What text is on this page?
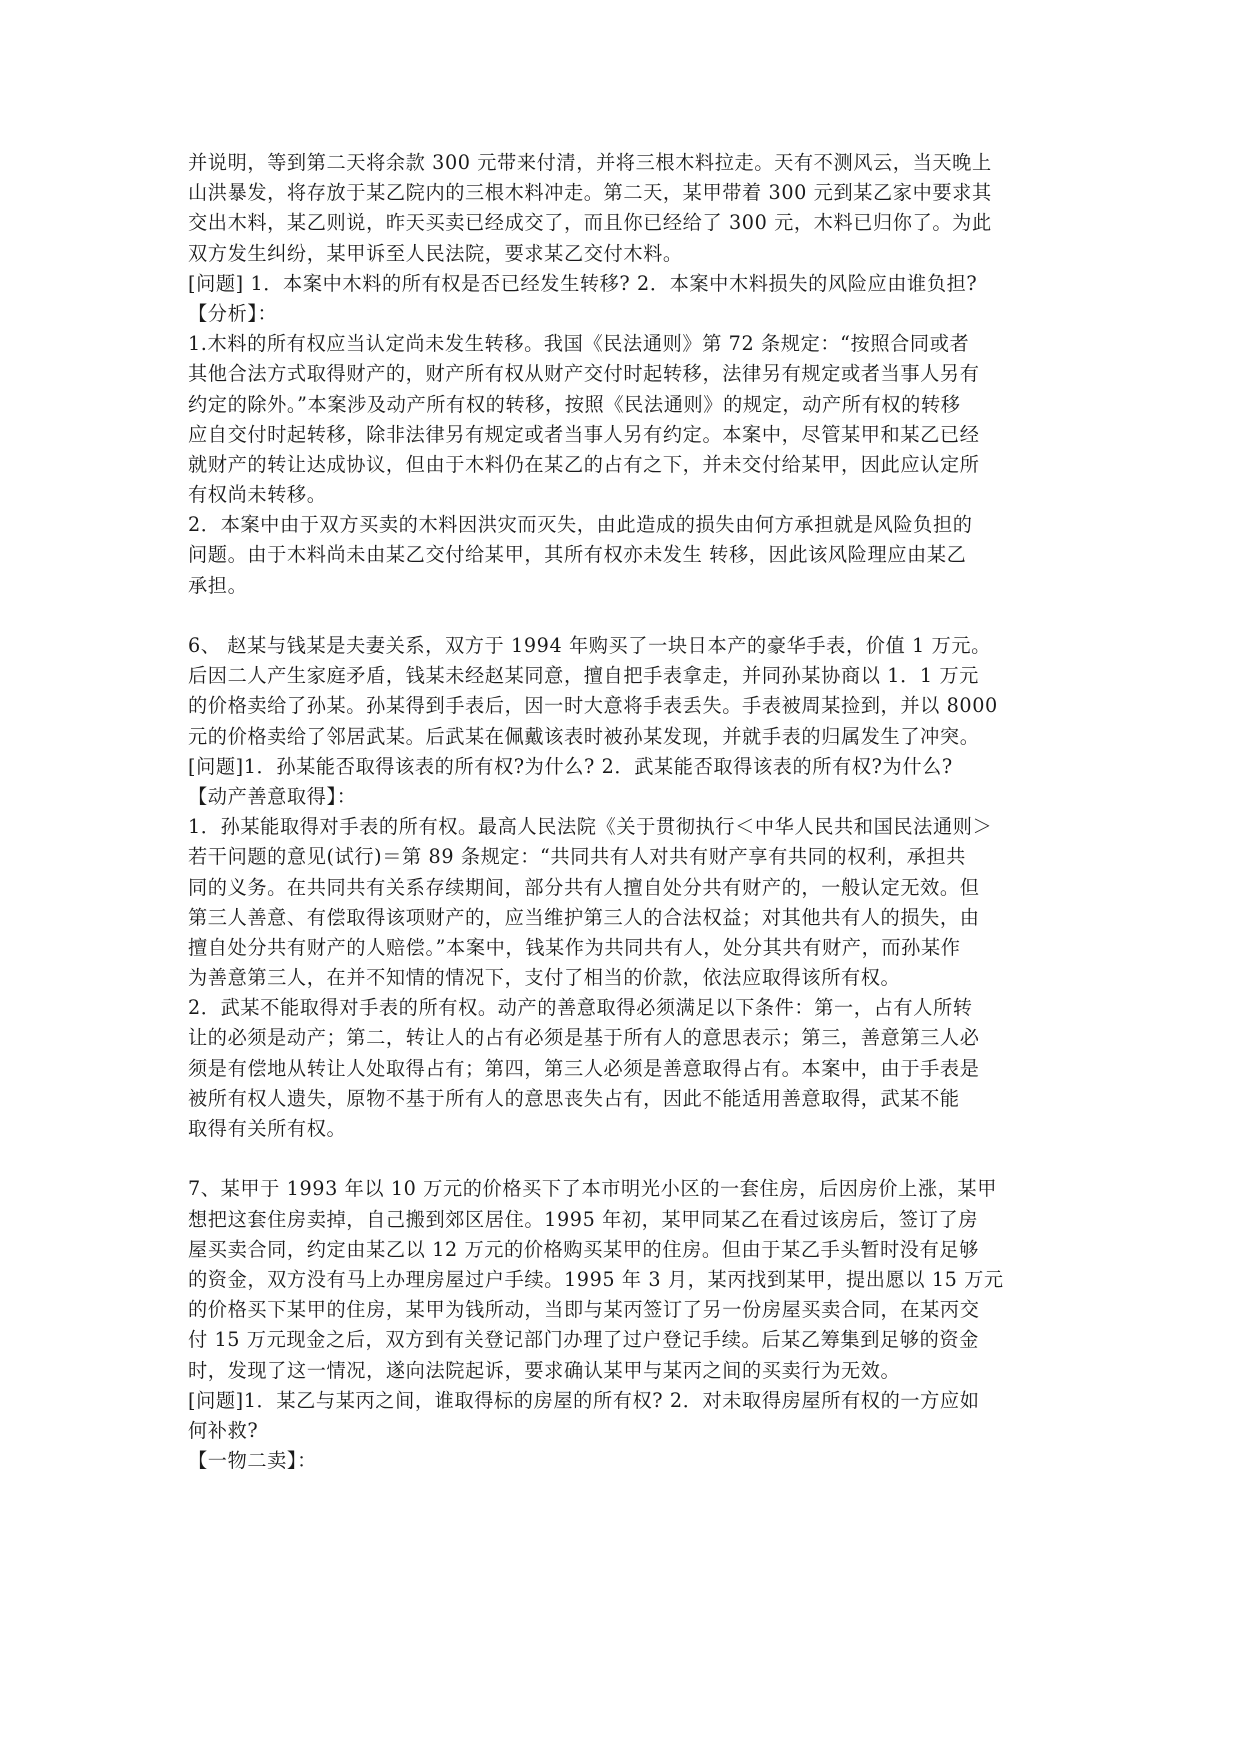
并说明，等到第二天将余款 300 元带来付清，并将三根木料拉走。天有不测风云，当天晚上
山洪暴发，将存放于某乙院内的三根木料冲走。第二天，某甲带着 300 元到某乙家中要求其
交出木料，某乙则说，昨天买卖已经成交了，而且你已经给了 300 元，木料已归你了。为此
双方发生纠纷，某甲诉至人民法院，要求某乙交付木料。
[问题] 1．本案中木料的所有权是否已经发生转移? 2．本案中木料损失的风险应由谁负担?
【分析】：
1.木料的所有权应当认定尚未发生转移。我国《民法通则》第 72 条规定：“按照合同或者
其他合法方式取得财产的，财产所有权从财产交付时起转移，法律另有规定或者当事人另有
约定的除外。”本案涉及动产所有权的转移，按照《民法通则》的规定，动产所有权的转移
应自交付时起转移，除非法律另有规定或者当事人另有约定。本案中，尽管某甲和某乙已经
就财产的转让达成协议，但由于木料仍在某乙的占有之下，并未交付给某甲，因此应认定所
有权尚未转移。
2．本案中由于双方买卖的木料因洪灾而灭失，由此造成的损失由何方承担就是风险负担的
问题。由于木料尚未由某乙交付给某甲，其所有权亦未发生 转移，因此该风险理应由某乙
承担。
6、 赵某与钱某是夫妻关系，双方于 1994 年购买了一块日本产的豪华手表，价值 1 万元。
后因二人产生家庭矛盾，钱某未经赵某同意，擅自把手表拿走，并同孙某协商以 1．1 万元
的价格卖给了孙某。孙某得到手表后，因一时大意将手表丢失。手表被周某捡到，并以 8000
元的价格卖给了邻居武某。后武某在佩戴该表时被孙某发现，并就手表的归属发生了冲突。
[问题]1．孙某能否取得该表的所有权?为什么? 2．武某能否取得该表的所有权?为什么?
【动产善意取得】：
1．孙某能取得对手表的所有权。最高人民法院《关于贯彻执行＜中华人民共和国民法通则＞
若干问题的意见(试行)＝第 89 条规定：“共同共有人对共有财产享有共同的权利，承担共
同的义务。在共同共有关系存续期间，部分共有人擅自处分共有财产的，一般认定无效。但
第三人善意、有偿取得该项财产的，应当维护第三人的合法权益；对其他共有人的损失，由
擅自处分共有财产的人赔偿。”本案中，钱某作为共同共有人，处分其共有财产，而孙某作
为善意第三人，在并不知情的情况下，支付了相当的价款，依法应取得该所有权。
2．武某不能取得对手表的所有权。动产的善意取得必须满足以下条件：第一，占有人所转
让的必须是动产；第二，转让人的占有必须是基于所有人的意思表示；第三，善意第三人必
须是有偿地从转让人处取得占有；第四，第三人必须是善意取得占有。本案中，由于手表是
被所有权人遗失，原物不基于所有人的意思丧失占有，因此不能适用善意取得，武某不能
取得有关所有权。
7、某甲于 1993 年以 10 万元的价格买下了本市明光小区的一套住房，后因房价上涨，某甲
想把这套住房卖掉，自己搬到郊区居住。1995 年初，某甲同某乙在看过该房后，签订了房
屋买卖合同，约定由某乙以 12 万元的价格购买某甲的住房。但由于某乙手头暂时没有足够
的资金，双方没有马上办理房屋过户手续。1995 年 3 月，某丙找到某甲，提出愿以 15 万元
的价格买下某甲的住房，某甲为钱所动，当即与某丙签订了另一份房屋买卖合同，在某丙交
付 15 万元现金之后，双方到有关登记部门办理了过户登记手续。后某乙筹集到足够的资金
时，发现了这一情况，遂向法院起诉，要求确认某甲与某丙之间的买卖行为无效。
[问题]1．某乙与某丙之间，谁取得标的房屋的所有权? 2．对未取得房屋所有权的一方应如
何补救?
【一物二卖】：
